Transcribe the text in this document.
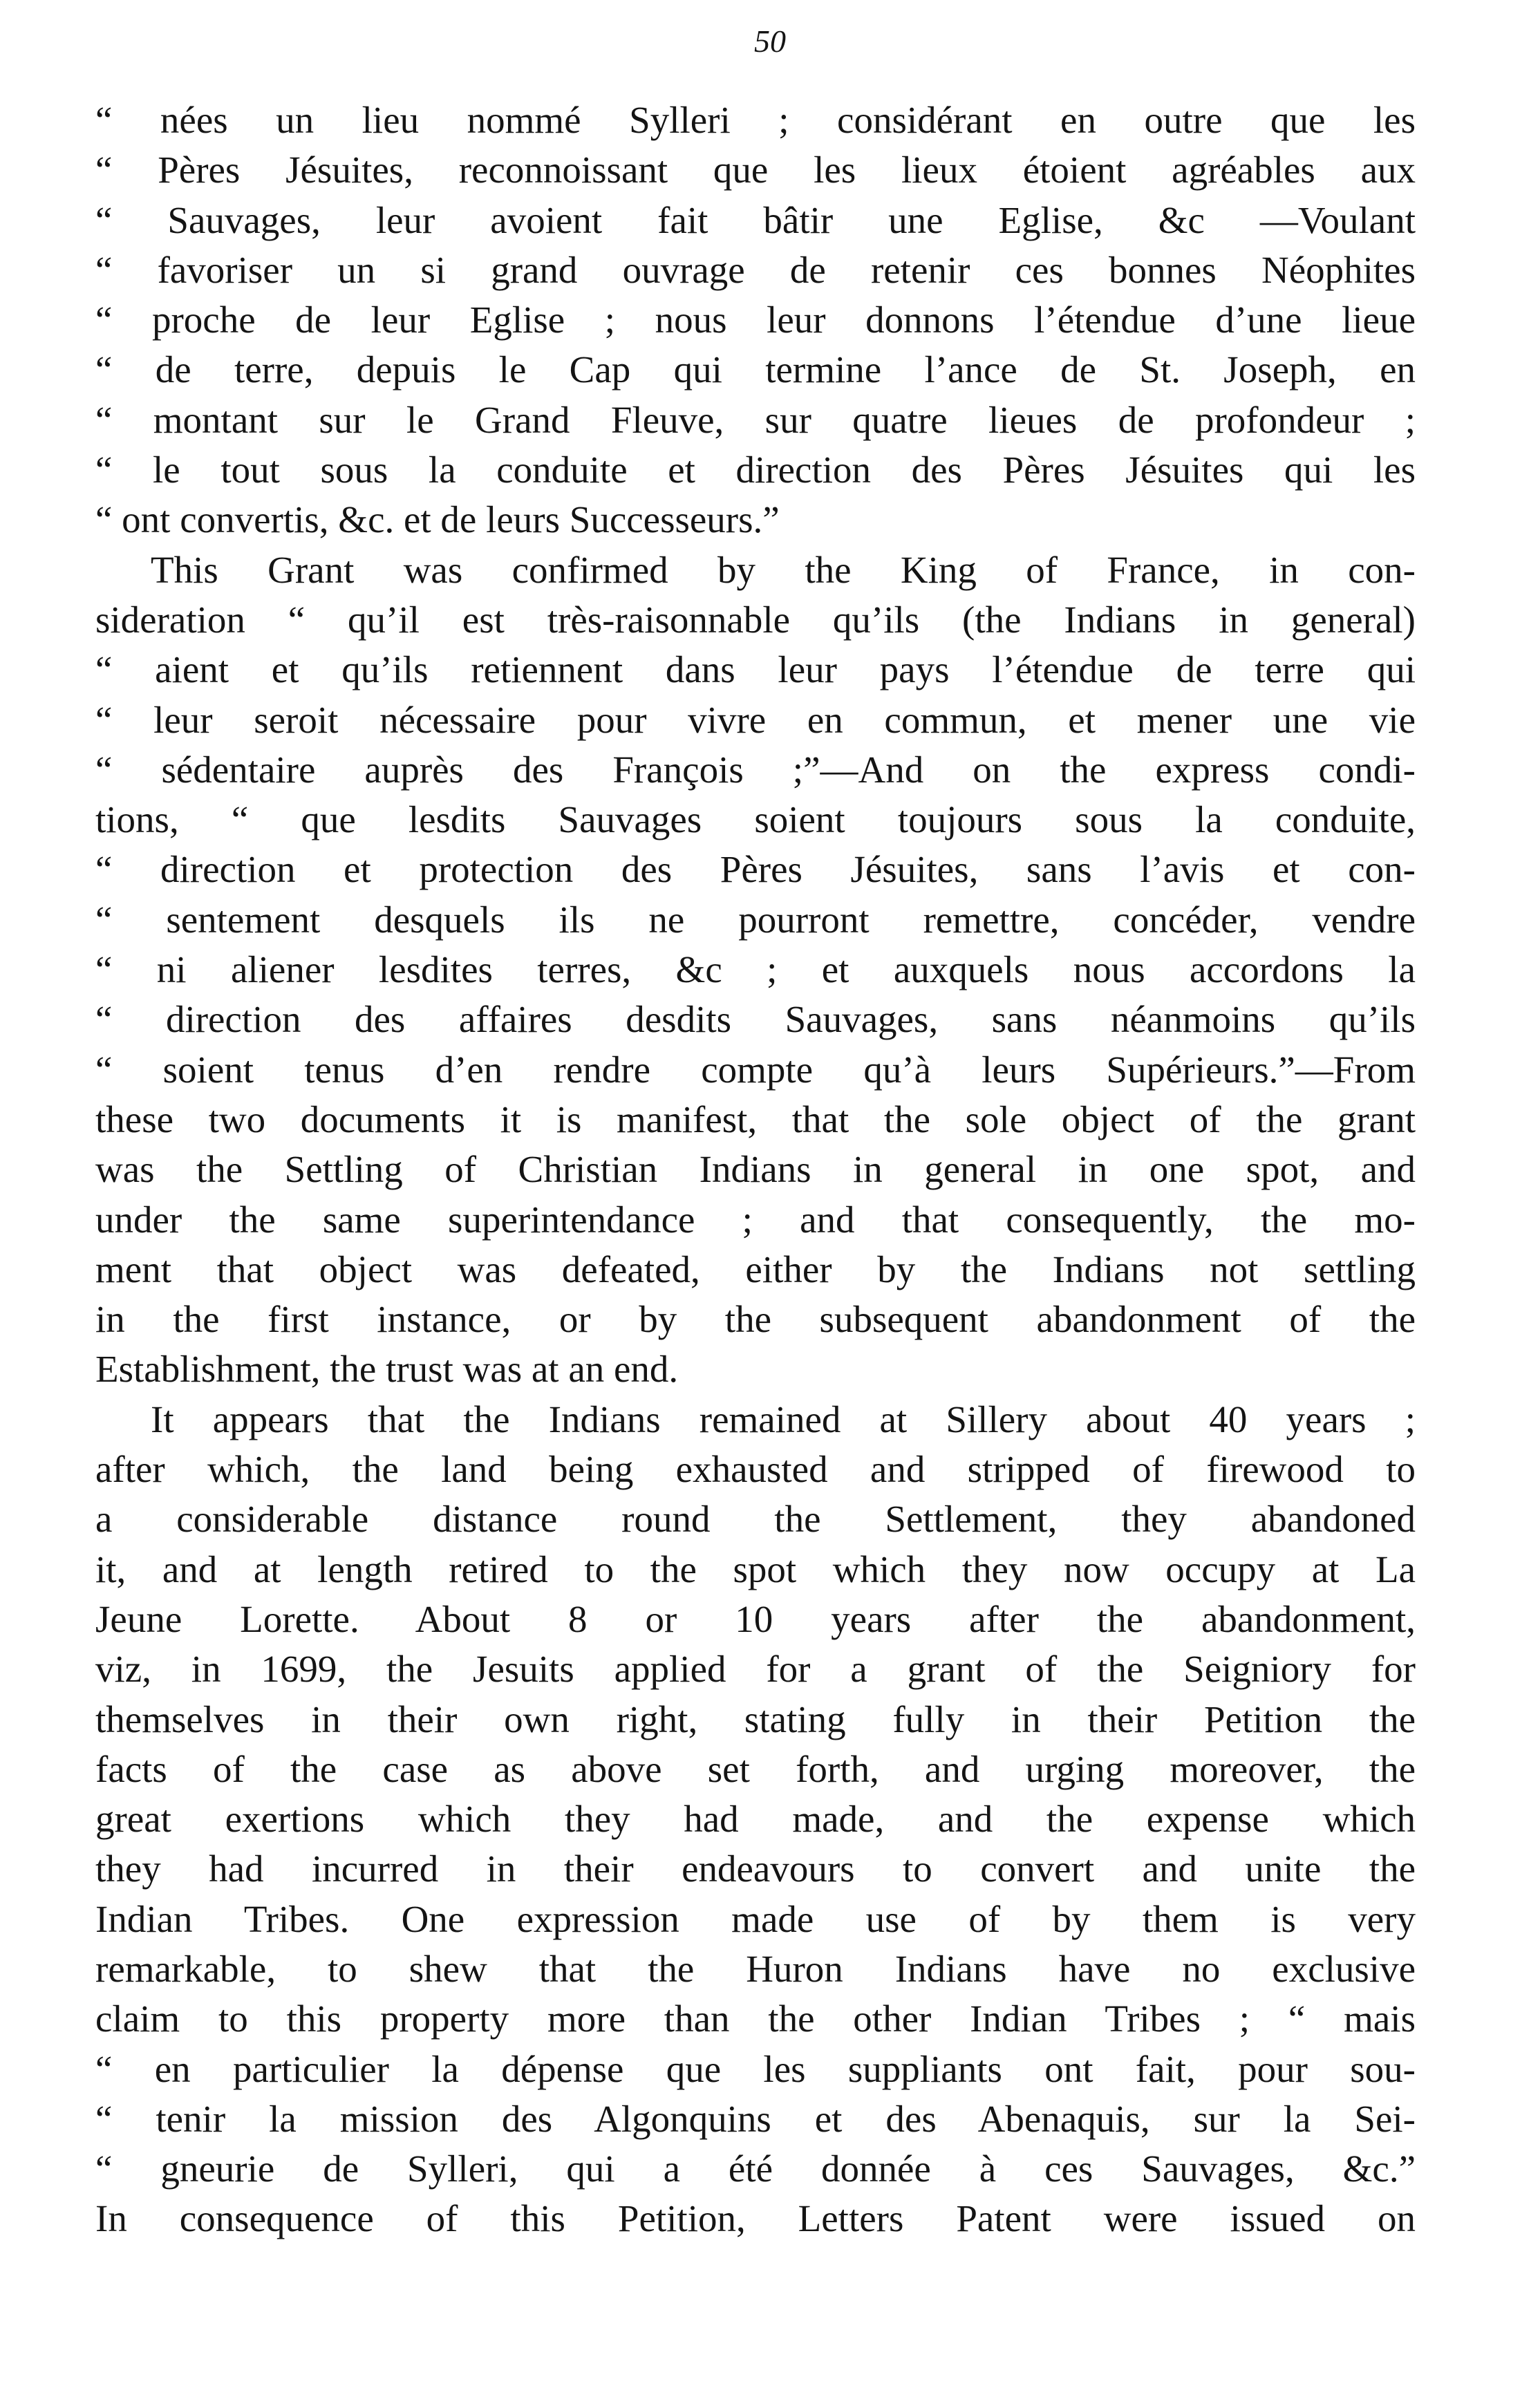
50
“ nées un lieu nommé Sylleri ; considérant en outre que les
“ Pères Jésuites, reconnoissant que les lieux étoient agréables aux
“ Sauvages, leur avoient fait bâtir une Eglise, &c —Voulant
“ favoriser un si grand ouvrage de retenir ces bonnes Néophites
“ proche de leur Eglise ; nous leur donnons l’étendue d’une lieue
“ de terre, depuis le Cap qui termine l’ance de St. Joseph, en
“ montant sur le Grand Fleuve, sur quatre lieues de profondeur ;
“ le tout sous la conduite et direction des Pères Jésuites qui les
“ ont convertis, &c. et de leurs Successeurs.”
This Grant was confirmed by the King of France, in con-
sideration “ qu’il est très-raisonnable qu’ils (the Indians in general)
“ aient et qu’ils retiennent dans leur pays l’étendue de terre qui
“ leur seroit nécessaire pour vivre en commun, et mener une vie
“ sédentaire auprès des François ;”—And on the express condi-
tions, “ que lesdits Sauvages soient toujours sous la conduite,
“ direction et protection des Pères Jésuites, sans l’avis et con-
“ sentement desquels ils ne pourront remettre, concéder, vendre
“ ni aliener lesdites terres, &c ; et auxquels nous accordons la
“ direction des affaires desdits Sauvages, sans néanmoins qu’ils
“ soient tenus d’en rendre compte qu’à leurs Supérieurs.”—From
these two documents it is manifest, that the sole object of the grant
was the Settling of Christian Indians in general in one spot, and
under the same superintendance ; and that consequently, the mo-
ment that object was defeated, either by the Indians not settling
in the first instance, or by the subsequent abandonment of the
Establishment, the trust was at an end.
It appears that the Indians remained at Sillery about 40 years ;
after which, the land being exhausted and stripped of firewood to
a considerable distance round the Settlement, they abandoned
it, and at length retired to the spot which they now occupy at La
Jeune Lorette. About 8 or 10 years after the abandonment,
viz, in 1699, the Jesuits applied for a grant of the Seigniory for
themselves in their own right, stating fully in their Petition the
facts of the case as above set forth, and urging moreover, the
great exertions which they had made, and the expense which
they had incurred in their endeavours to convert and unite the
Indian Tribes. One expression made use of by them is very
remarkable, to shew that the Huron Indians have no exclusive
claim to this property more than the other Indian Tribes ; “ mais
“ en particulier la dépense que les suppliants ont fait, pour sou-
“ tenir la mission des Algonquins et des Abenaquis, sur la Sei-
“ gneurie de Sylleri, qui a été donnée à ces Sauvages, &c.”
In consequence of this Petition, Letters Patent were issued on
